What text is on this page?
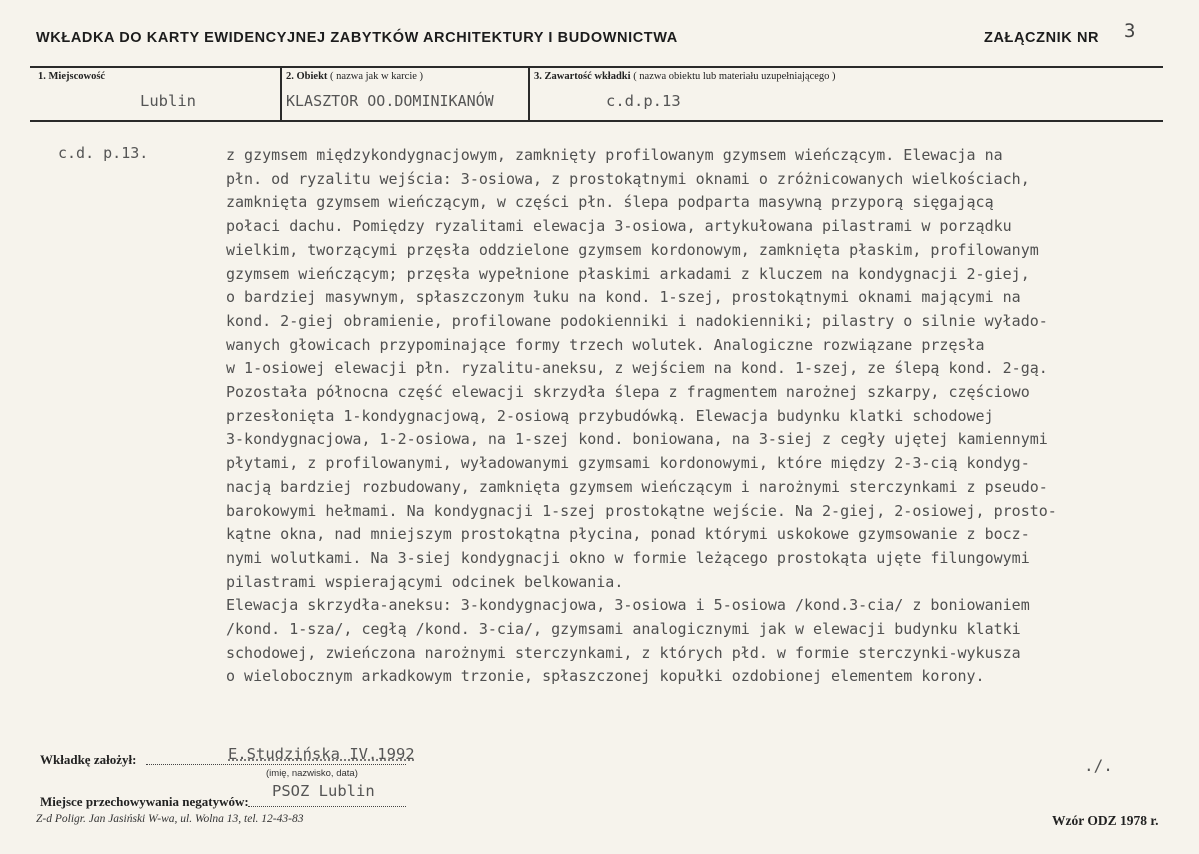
WKŁADKA DO KARTY EWIDENCYJNEJ ZABYTKÓW ARCHITEKTURY I BUDOWNICTWA	ZAŁĄCZNIK NR 3
1. Miejscowość
Lublin
2. Obiekt ( nazwa jak w karcie )
KLASZTOR OO.DOMINIKANÓW
3. Zawartość wkładki ( nazwa obiektu lub materiału uzupełniającego )
c.d.p.13
c.d. p.13.	z gzymsem międzykondygnacjowym, zamknięty profilowanym gzymsem wieńczącym. Elewacja na
płn. od ryzalitu wejścia: 3-osiowa, z prostokątnymi oknami o zróżnicowanych wielkościach,
zamknięta gzymsem wieńczącym, w części płn. ślepa podparta masywną przyporą sięgającą
połaci dachu. Pomiędzy ryzalitami elewacja 3-osiowa, artykułowana pilastrami w porządku
wielkim, tworzącymi przęsła oddzielone gzymsem kordonowym, zamknięta płaskim, profilowanym
gzymsem wieńczącym; przęsła wypełnione płaskimi arkadami z kluczem na kondygnacji 2-giej,
o bardziej masywnym, spłaszczonym łuku na kond. 1-szej, prostokątnymi oknami mającymi na
kond. 2-giej obramienie, profilowane podokienniki i nadokienniki; pilastry o silnie wyłado-
wanych głowicach przypominające formy trzech wolutek. Analogiczne rozwiązane przęsła
w 1-osiowej elewacji płn. ryzalitu-aneksu, z wejściem na kond. 1-szej, ze ślepą kond. 2-gą.
Pozostała północna część elewacji skrzydła ślepa z fragmentem narożnej szkarpy, częściowo
przesłonięta 1-kondygnacjową, 2-osiową przybudówką. Elewacja budynku klatki schodowej
3-kondygnacjowa, 1-2-osiowa, na 1-szej kond. boniowana, na 3-siej z cegły ujętej kamiennymi
płytami, z profilowanymi, wyładowanymi gzymsami kordonowymi, które między 2-3-cią kondyg-
nacją bardziej rozbudowany, zamknięta gzymsem wieńczącym i narożnymi sterczynkami z pseudo-
barokowymi hełmami. Na kondygnacji 1-szej prostokątne wejście. Na 2-giej, 2-osiowej, prosto-
kątne okna, nad mniejszym prostokątna płycina, ponad którymi uskokowe gzymsowanie z bocz-
nymi wolutkami. Na 3-siej kondygnacji okno w formie leżącego prostokąta ujęte filungowymi
pilastrami wspierającymi odcinek belkowania.
Elewacja skrzydła-aneksu: 3-kondygnacjowa, 3-osiowa i 5-osiowa /kond.3-cia/ z boniowaniem
/kond. 1-sza/, cegłą /kond. 3-cia/, gzymsami analogicznymi jak w elewacji budynku klatki
schodowej, zwieńczona narożnymi sterczynkami, z których płd. w formie sterczynki-wykusza
o wielobocznym arkadkowym trzonie, spłaszczonej kopułki ozdobionej elementem korony.
Wkładkę założył:	E.Studzińska IV.1992
(imię, nazwisko, data)	./.
Miejsce przechowywania negatywów:
PSOZ Lublin
Z-d Poligr. Jan Jasiński W-wa, ul. Wolna 13, tel. 12-43-83	Wzór ODZ 1978 r.
